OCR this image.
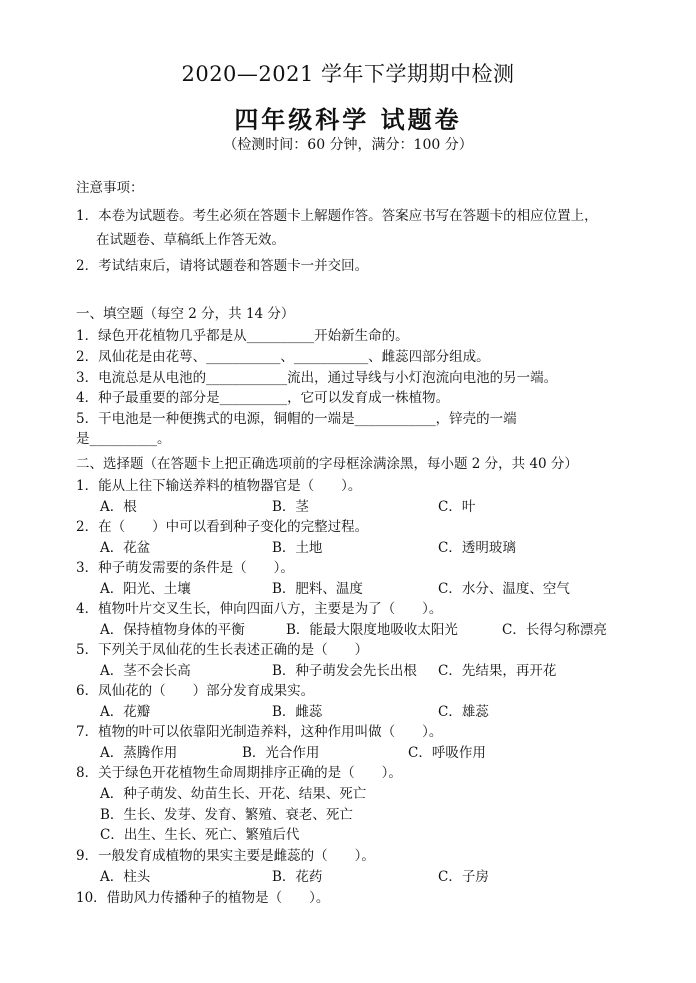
2020—2021 学年下学期期中检测
四年级科学 试题卷
（检测时间：60 分钟，满分：100 分）
注意事项：
1．本卷为试题卷。考生必须在答题卡上解题作答。答案应书写在答题卡的相应位置上，
在试题卷、草稿纸上作答无效。
2．考试结束后，请将试题卷和答题卡一并交回。
一、填空题（每空 2 分，共 14 分）
1．绿色开花植物几乎都是从__________开始新生命的。
2．凤仙花是由花萼、___________、___________、雌蕊四部分组成。
3．电流总是从电池的____________流出，通过导线与小灯泡流向电池的另一端。
4．种子最重要的部分是__________，它可以发育成一株植物。
5．干电池是一种便携式的电源，铜帽的一端是____________，锌壳的一端
是__________。
二、选择题（在答题卡上把正确选项前的字母框涂满涂黑，每小题 2 分，共 40 分）
1．能从上往下输送养料的植物器官是（　　）。
A．根	B．茎	C．叶
2．在（　　）中可以看到种子变化的完整过程。
A．花盆	B．土地	C．透明玻璃
3．种子萌发需要的条件是（　　）。
A．阳光、土壤	B．肥料、温度	C．水分、温度、空气
4．植物叶片交叉生长，伸向四面八方，主要是为了（　　）。
A．保持植物身体的平衡	B．能最大限度地吸收太阳光	C．长得匀称漂亮
5．下列关于凤仙花的生长表述正确的是（　　）
A．茎不会长高	B．种子萌发会先长出根 C．先结果，再开花
6．凤仙花的（　　）部分发育成果实。
A．花瓣	B．雌蕊	C．雄蕊
7．植物的叶可以依靠阳光制造养料，这种作用叫做（　　）。
A．蒸腾作用	B．光合作用	C．呼吸作用
8．关于绿色开花植物生命周期排序正确的是（　　）。
A．种子萌发、幼苗生长、开花、结果、死亡
B．生长、发芽、发育、繁殖、衰老、死亡
C．出生、生长、死亡、繁殖后代
9．一般发育成植物的果实主要是雌蕊的（　　）。
A．柱头	B．花药	C．子房
10．借助风力传播种子的植物是（　　）。
